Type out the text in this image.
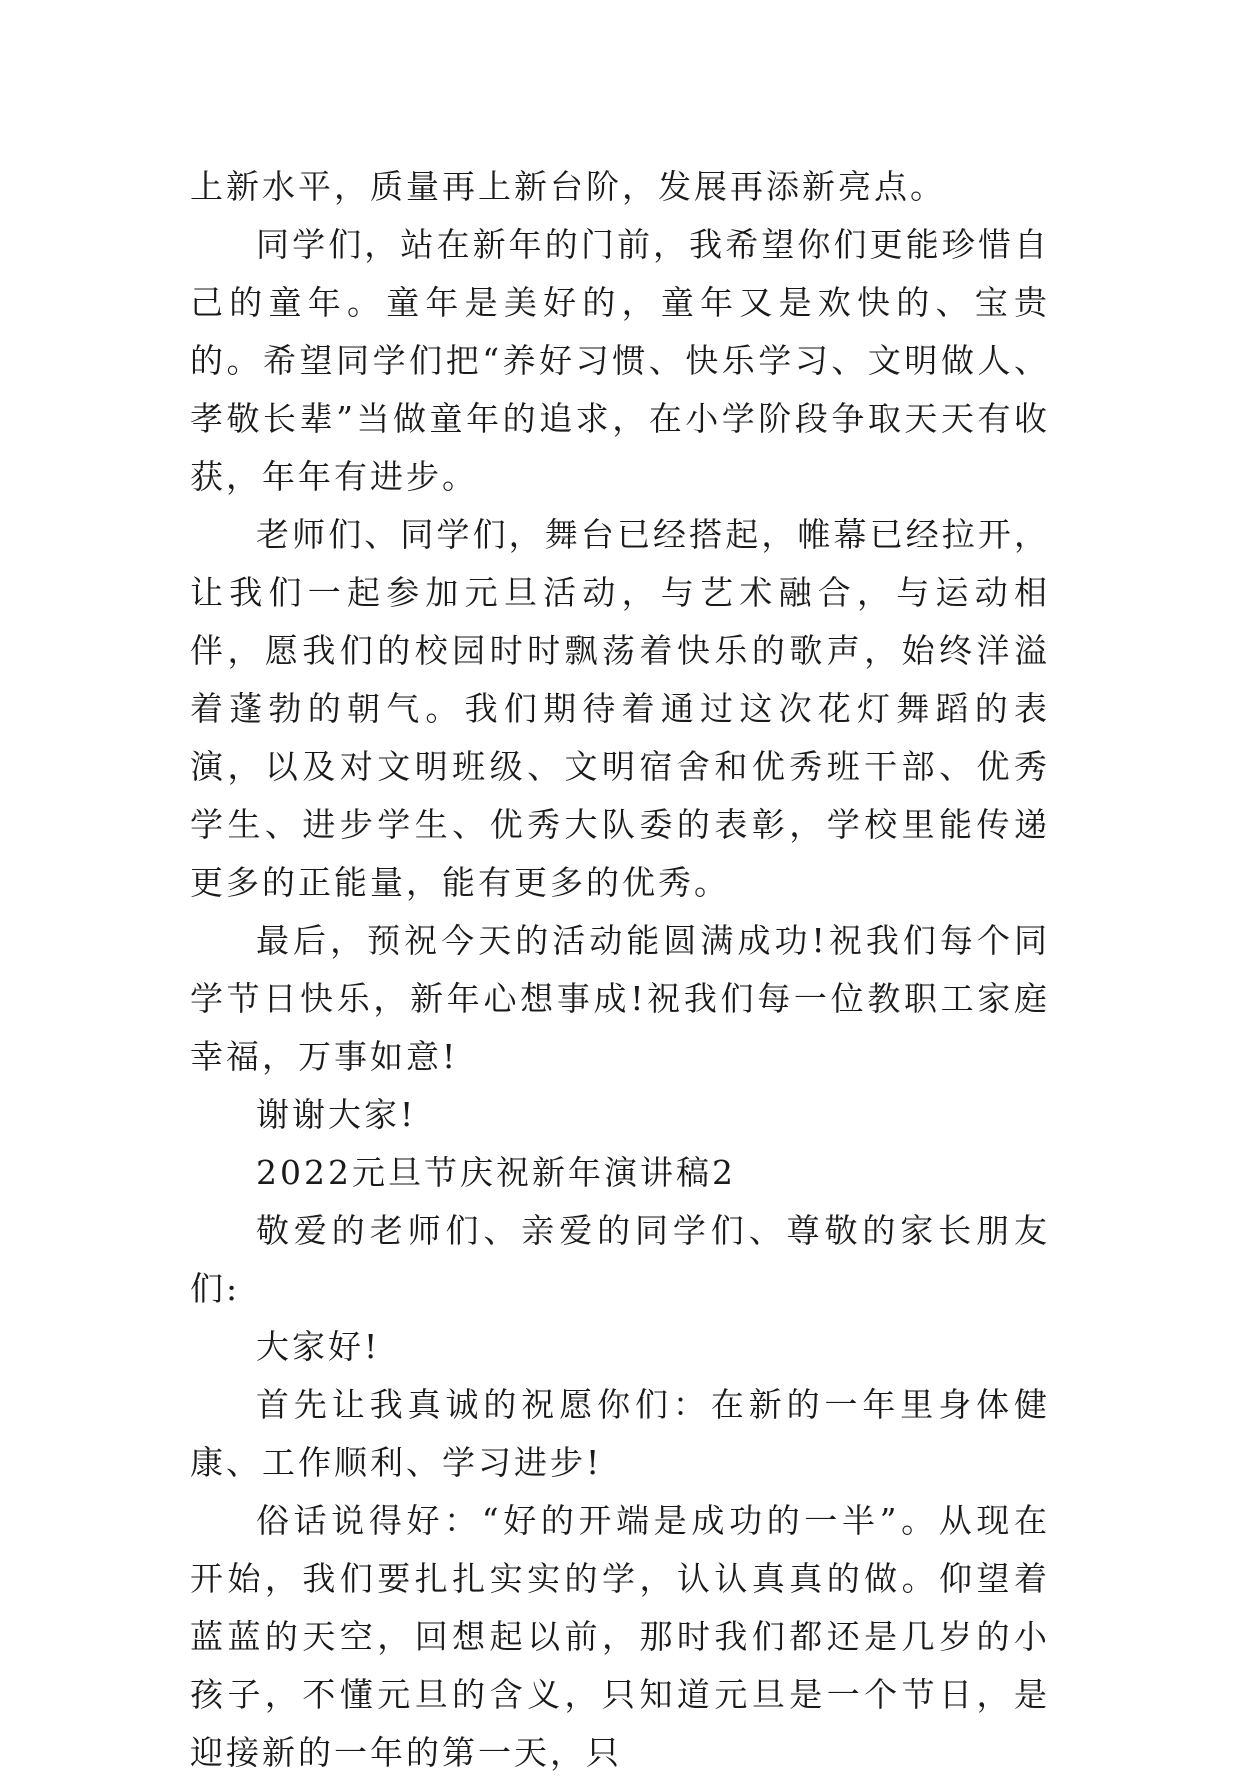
上新水平，质量再上新台阶，发展再添新亮点。

同学们，站在新年的门前，我希望你们更能珍惜自己的童年。童年是美好的，童年又是欢快的、宝贵的。希望同学们把“养好习惯、快乐学习、文明做人、孝敬长辈”当做童年的追求，在小学阶段争取天天有收获，年年有进步。

老师们、同学们，舞台已经搭起，帷幕已经拉开，让我们一起参加元旦活动，与艺术融合，与运动相伴，愿我们的校园时时飘荡着快乐的歌声，始终洋溢着蓬勃的朝气。我们期待着通过这次花灯舞蹈的表演，以及对文明班级、文明宿舍和优秀班干部、优秀学生、进步学生、优秀大队委的表彰，学校里能传递更多的正能量，能有更多的优秀。

最后，预祝今天的活动能圆满成功!祝我们每个同学节日快乐，新年心想事成!祝我们每一位教职工家庭幸福，万事如意!

谢谢大家!

2022元旦节庆祝新年演讲稿2

敬爱的老师们、亲爱的同学们、尊敬的家长朋友们:

大家好!

首先让我真诚的祝愿你们：在新的一年里身体健康、工作顺利、学习进步!

俗话说得好：“好的开端是成功的一半”。从现在开始，我们要扎扎实实的学，认认真真的做。仰望着蓝蓝的天空，回想起以前，那时我们都还是几岁的小孩子，不懂元旦的含义，只知道元旦是一个节日，是迎接新的一年的第一天，只
